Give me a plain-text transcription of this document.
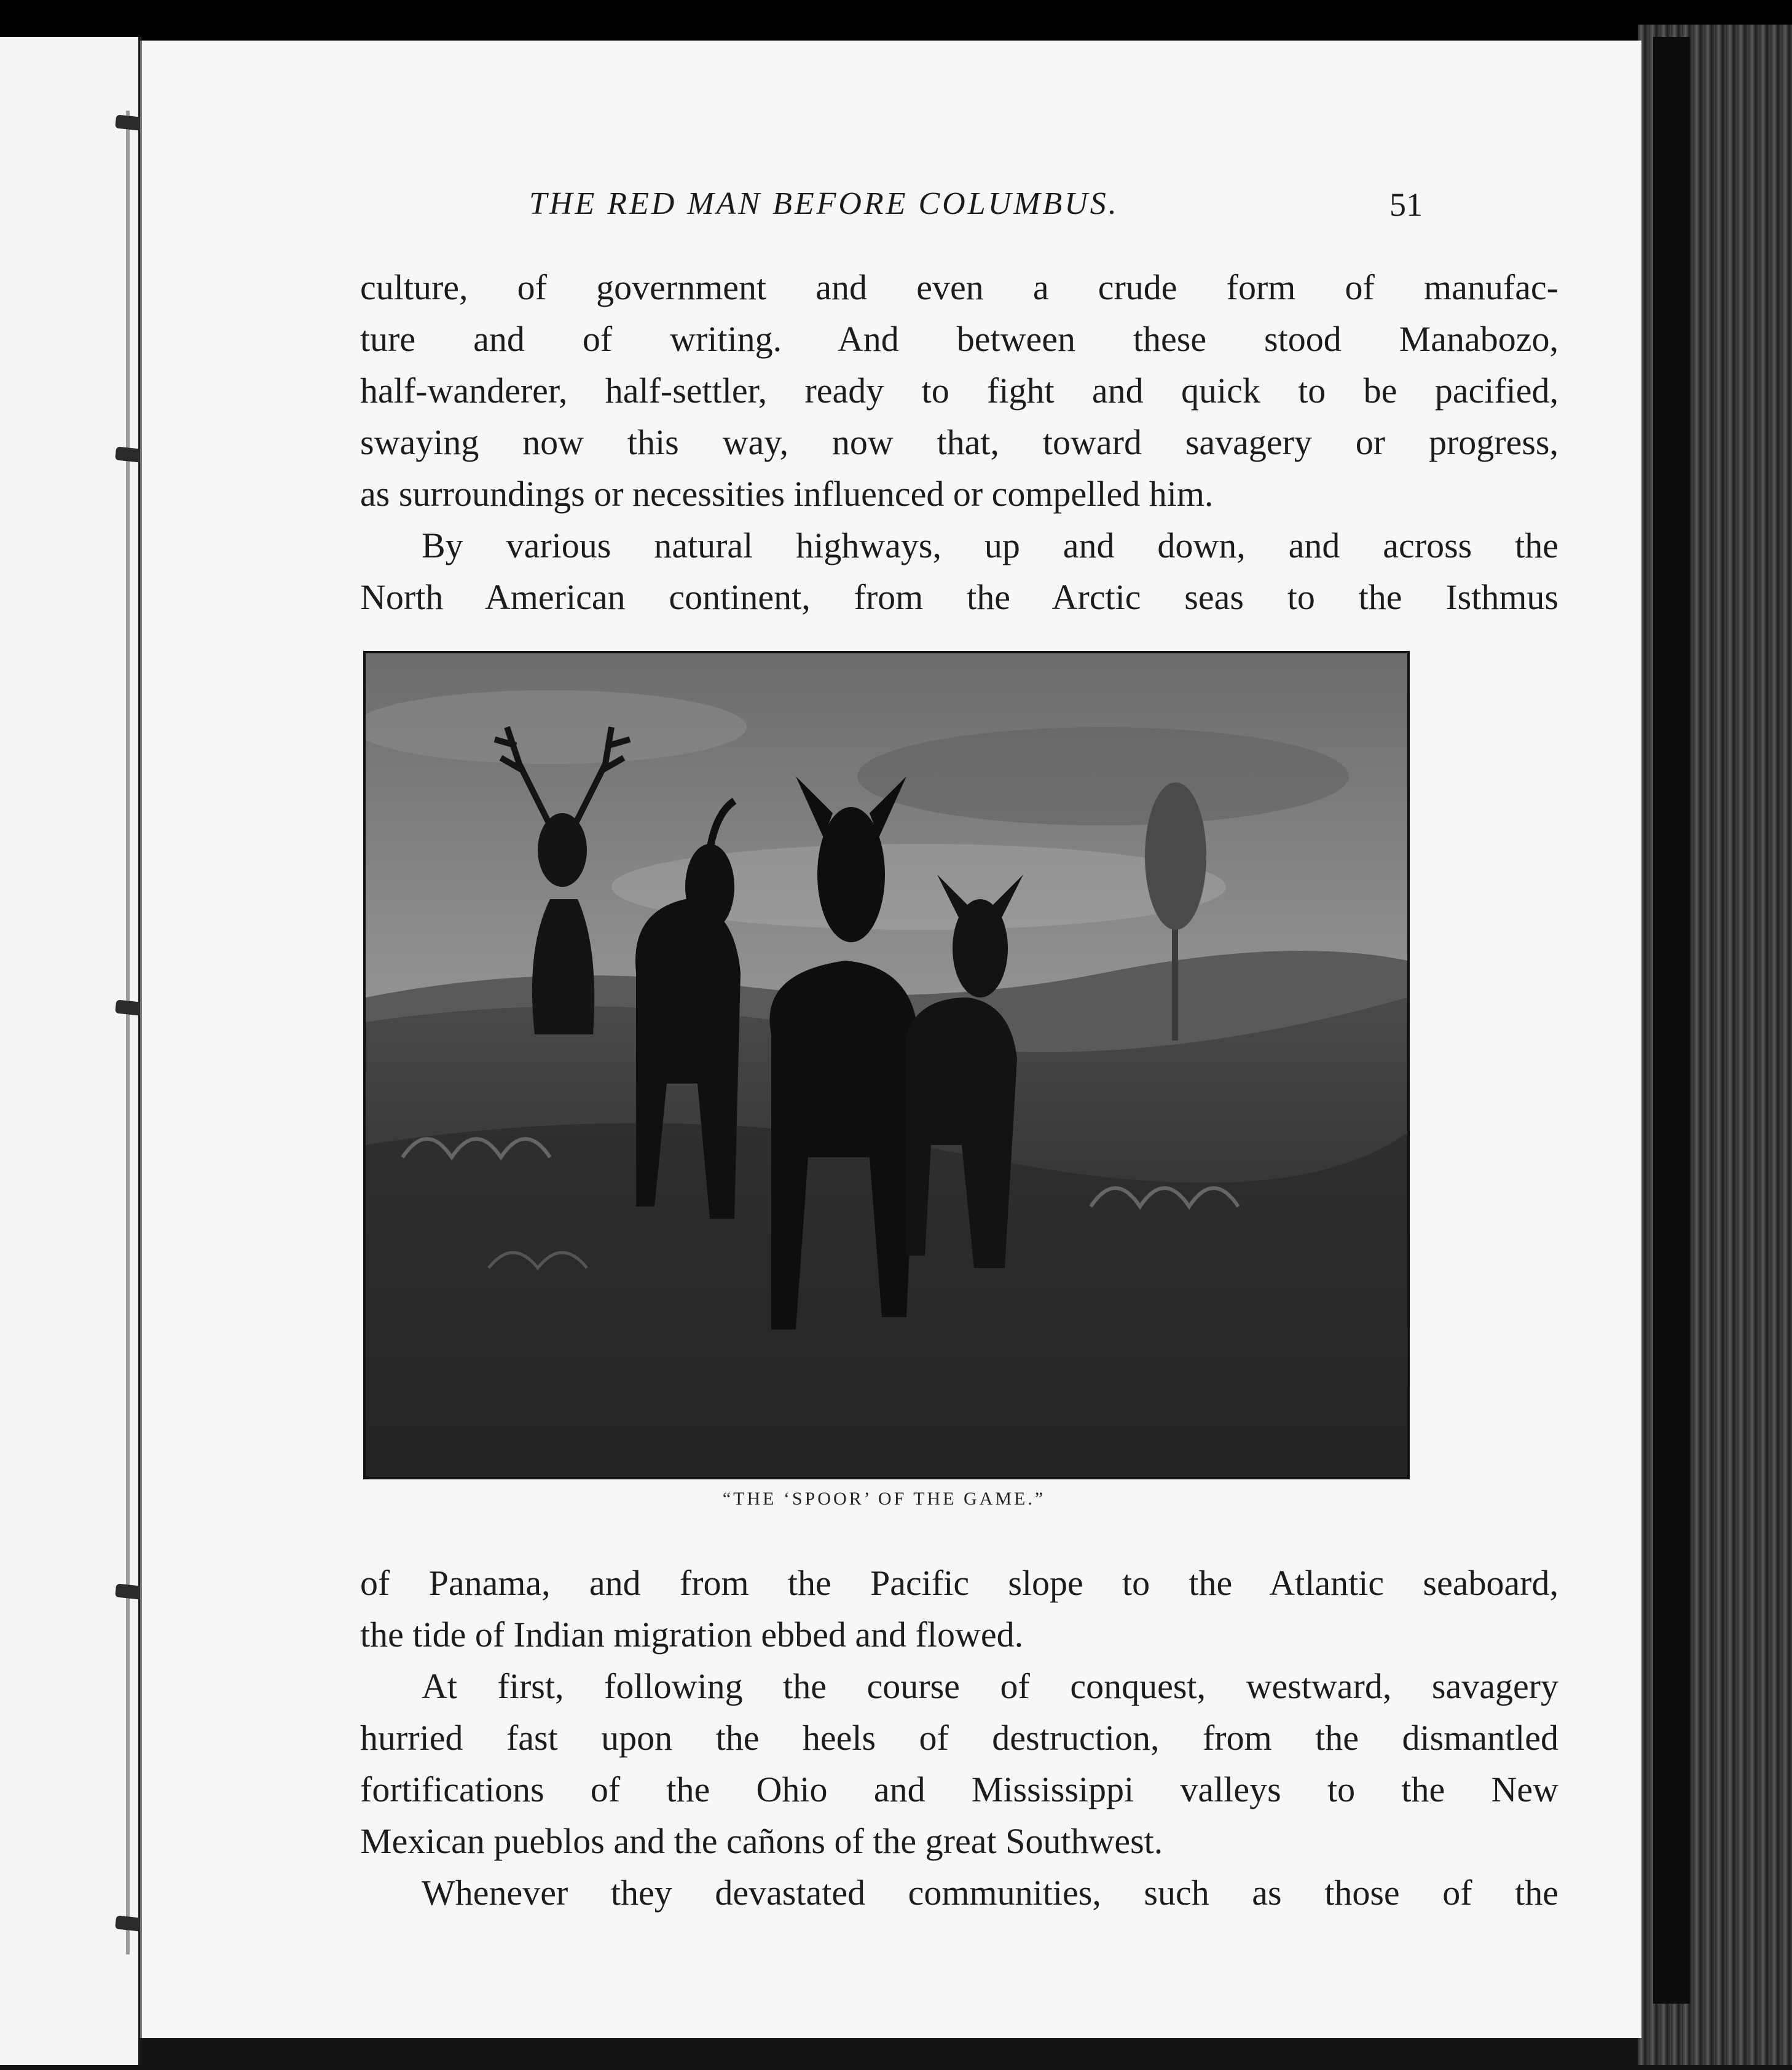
THE RED MAN BEFORE COLUMBUS.	51
culture, of government and even a crude form of manufac-
ture and of writing. And between these stood Manabozo,
half-wanderer, half-settler, ready to fight and quick to be pacified,
swaying now this way, now that, toward savagery or progress,
as surroundings or necessities influenced or compelled him.
By various natural highways, up and down, and across the
North American continent, from the Arctic seas to the Isthmus
“THE ‘SPOOR’ OF THE GAME.”
of Panama, and from the Pacific slope to the Atlantic seaboard,
the tide of Indian migration ebbed and flowed.
At first, following the course of conquest, westward, savagery
hurried fast upon the heels of destruction, from the dismantled
fortifications of the Ohio and Mississippi valleys to the New
Mexican pueblos and the cañons of the great Southwest.
Whenever they devastated communities, such as those of the
